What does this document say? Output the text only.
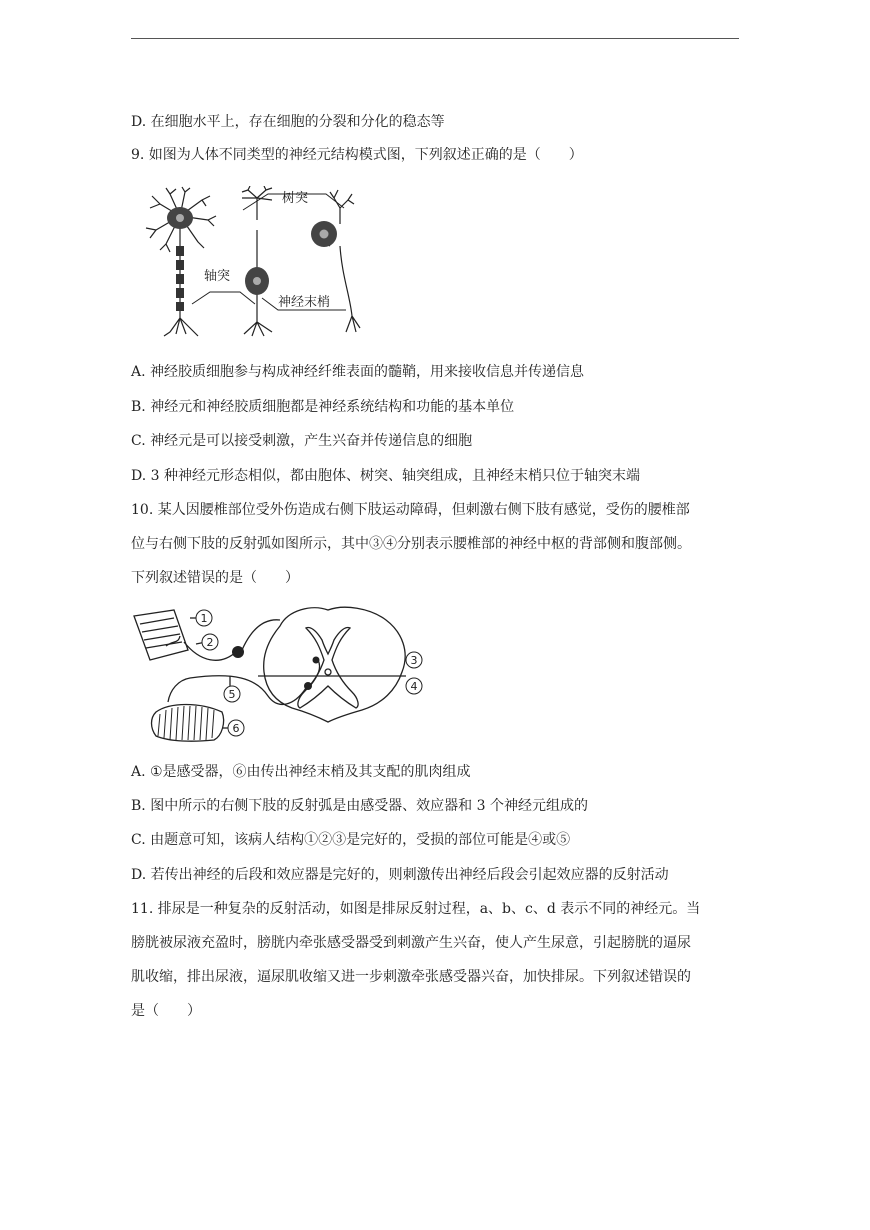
D. 在细胞水平上，存在细胞的分裂和分化的稳态等
9. 如图为人体不同类型的神经元结构模式图，下列叙述正确的是（　　）
树突
轴突
神经末梢
A. 神经胶质细胞参与构成神经纤维表面的髓鞘，用来接收信息并传递信息
B. 神经元和神经胶质细胞都是神经系统结构和功能的基本单位
C. 神经元是可以接受刺激，产生兴奋并传递信息的细胞
D. 3 种神经元形态相似，都由胞体、树突、轴突组成，且神经末梢只位于轴突末端
10. 某人因腰椎部位受外伤造成右侧下肢运动障碍，但刺激右侧下肢有感觉，受伤的腰椎部
位与右侧下肢的反射弧如图所示，其中③④分别表示腰椎部的神经中枢的背部侧和腹部侧。
下列叙述错误的是（　　）
1
2
3
4
5
6
A. ①是感受器，⑥由传出神经末梢及其支配的肌肉组成
B. 图中所示的右侧下肢的反射弧是由感受器、效应器和 3 个神经元组成的
C. 由题意可知，该病人结构①②③是完好的，受损的部位可能是④或⑤
D. 若传出神经的后段和效应器是完好的，则刺激传出神经后段会引起效应器的反射活动
11. 排尿是一种复杂的反射活动，如图是排尿反射过程，a、b、c、d 表示不同的神经元。当
膀胱被尿液充盈时，膀胱内牵张感受器受到刺激产生兴奋，使人产生尿意，引起膀胱的逼尿
肌收缩，排出尿液，逼尿肌收缩又进一步刺激牵张感受器兴奋，加快排尿。下列叙述错误的
是（　　）
